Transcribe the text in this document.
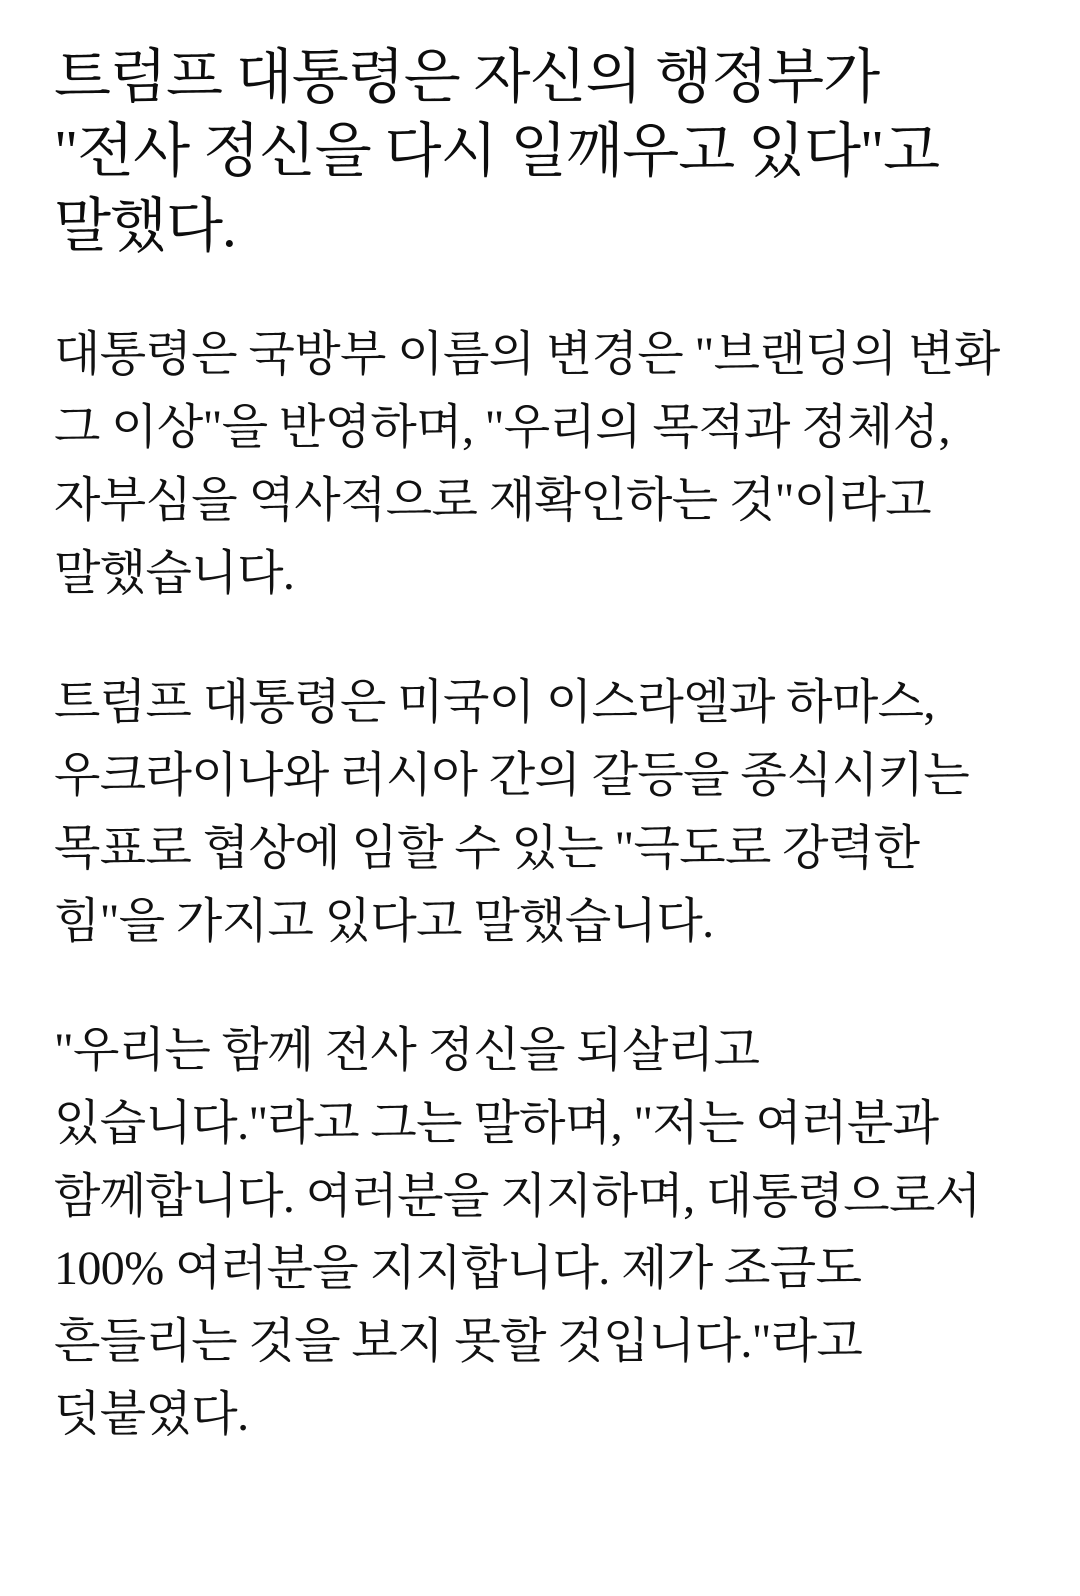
트럼프 대통령은 자신의 행정부가 "전사 정신을 다시 일깨우고 있다"고 말했다.

대통령은 국방부 이름의 변경은 "브랜딩의 변화 그 이상"을 반영하며, "우리의 목적과 정체성, 자부심을 역사적으로 재확인하는 것"이라고 말했습니다.

트럼프 대통령은 미국이 이스라엘과 하마스, 우크라이나와 러시아 간의 갈등을 종식시키는 목표로 협상에 임할 수 있는 "극도로 강력한 힘"을 가지고 있다고 말했습니다.

"우리는 함께 전사 정신을 되살리고 있습니다."라고 그는 말하며, "저는 여러분과 함께합니다. 여러분을 지지하며, 대통령으로서 100% 여러분을 지지합니다. 제가 조금도 흔들리는 것을 보지 못할 것입니다."라고 덧붙였다.
